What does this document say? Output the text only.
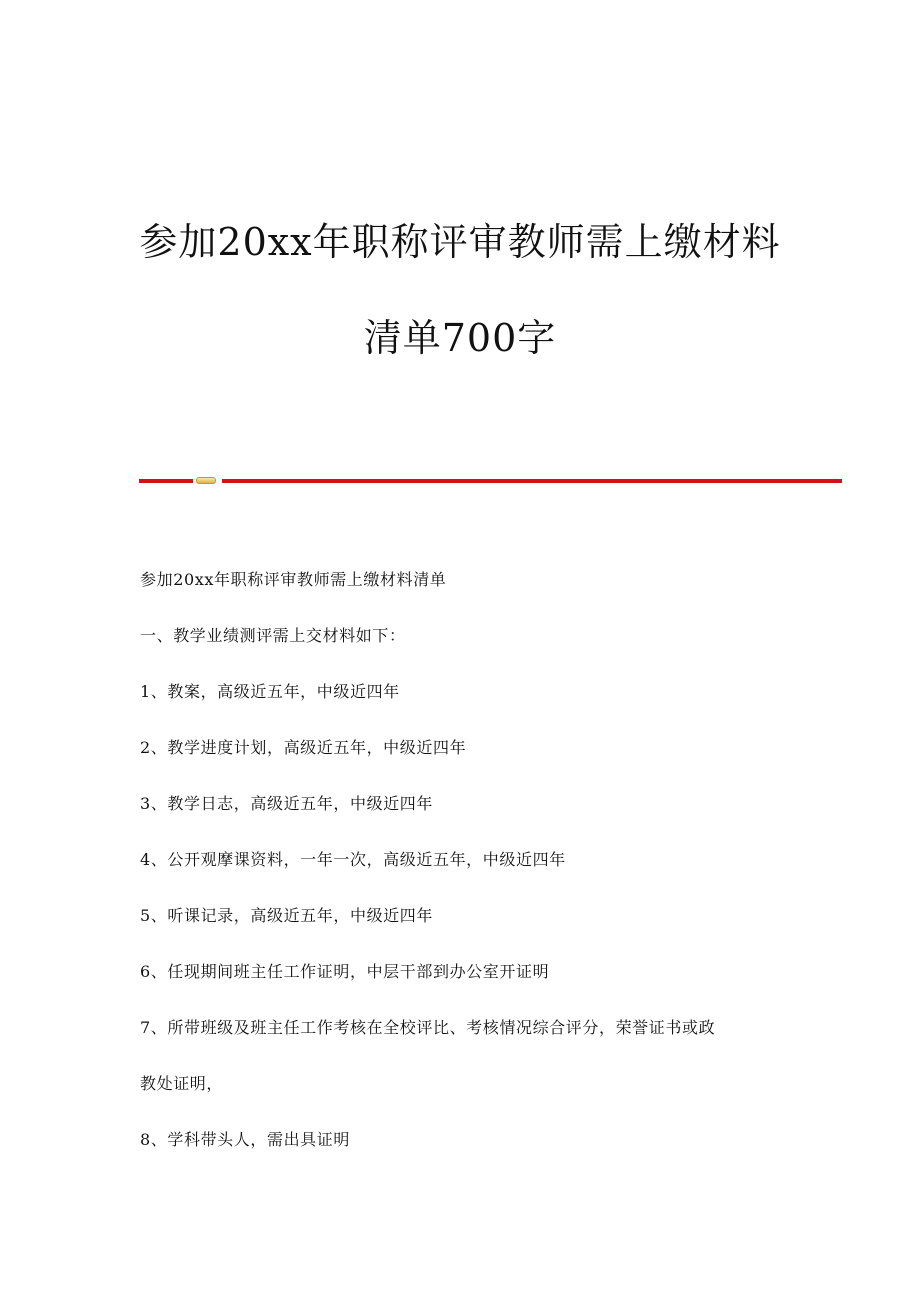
参加20xx年职称评审教师需上缴材料
清单700字
参加20xx年职称评审教师需上缴材料清单
一、教学业绩测评需上交材料如下：
1、教案，高级近五年，中级近四年
2、教学进度计划，高级近五年，中级近四年
3、教学日志，高级近五年，中级近四年
4、公开观摩课资料，一年一次，高级近五年，中级近四年
5、听课记录，高级近五年，中级近四年
6、任现期间班主任工作证明，中层干部到办公室开证明
7、所带班级及班主任工作考核在全校评比、考核情况综合评分，荣誉证书或政
教处证明，
8、学科带头人，需出具证明
